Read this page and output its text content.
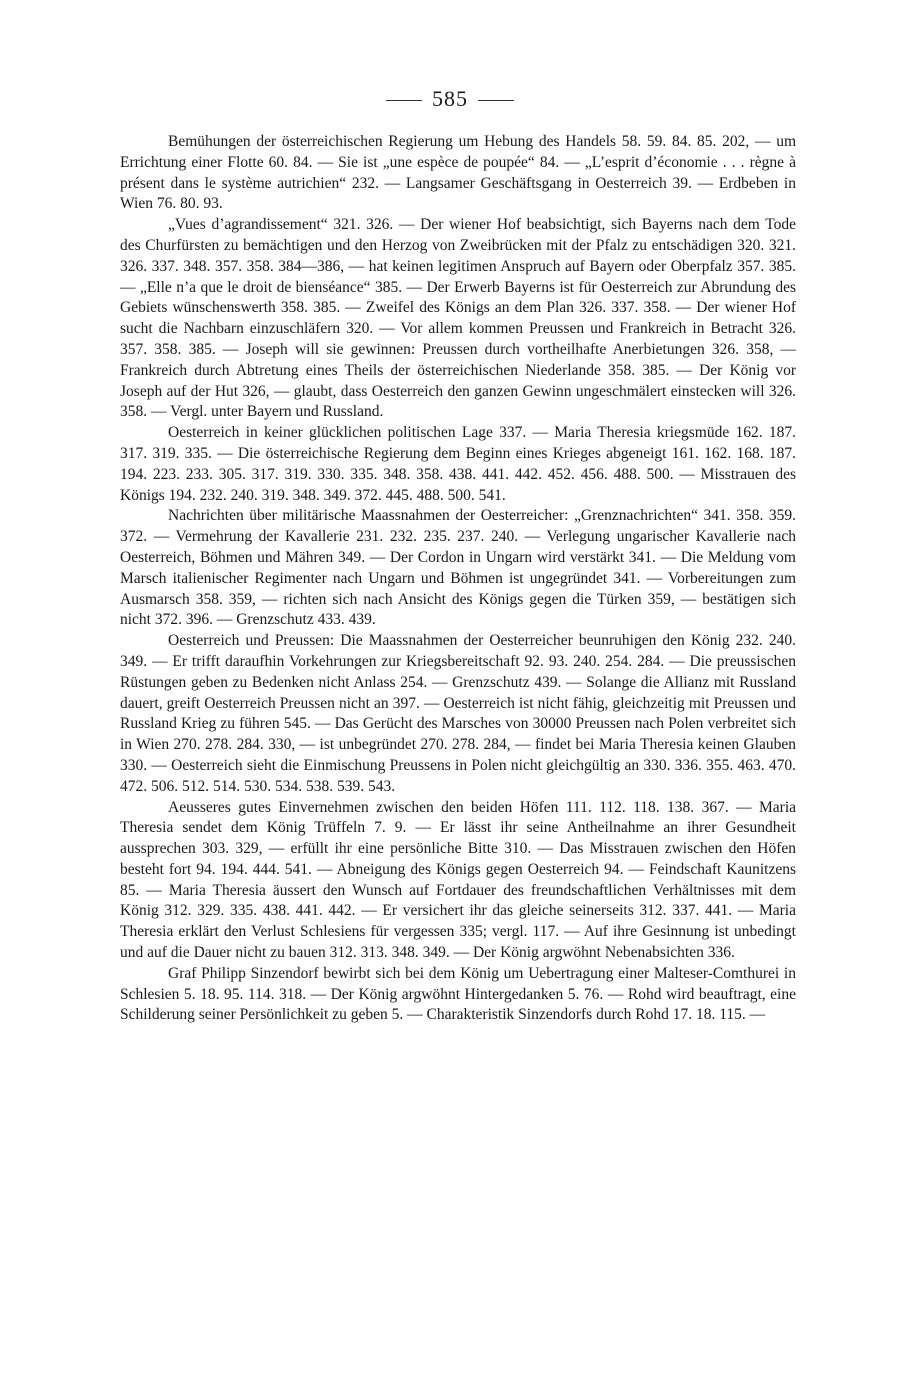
585

Bemühungen der österreichischen Regierung um Hebung des Handels 58. 59. 84. 85. 202, — um Errichtung einer Flotte 60. 84. — Sie ist „une espèce de poupée“ 84. — „L’esprit d’économie . . . règne à présent dans le système autrichien“ 232. — Langsamer Geschäftsgang in Oesterreich 39. — Erdbeben in Wien 76. 80. 93.

„Vues d’agrandissement“ 321. 326. — Der wiener Hof beabsichtigt, sich Bayerns nach dem Tode des Churfürsten zu bemächtigen und den Herzog von Zweibrücken mit der Pfalz zu entschädigen 320. 321. 326. 337. 348. 357. 358. 384—386, — hat keinen legitimen Anspruch auf Bayern oder Oberpfalz 357. 385. — „Elle n’a que le droit de bienséance“ 385. — Der Erwerb Bayerns ist für Oesterreich zur Abrundung des Gebiets wünschenswerth 358. 385. — Zweifel des Königs an dem Plan 326. 337. 358. — Der wiener Hof sucht die Nachbarn einzuschläfern 320. — Vor allem kommen Preussen und Frankreich in Betracht 326. 357. 358. 385. — Joseph will sie gewinnen: Preussen durch vortheilhafte Anerbietungen 326. 358, — Frankreich durch Abtretung eines Theils der österreichischen Niederlande 358. 385. — Der König vor Joseph auf der Hut 326, — glaubt, dass Oesterreich den ganzen Gewinn ungeschmälert einstecken will 326. 358. — Vergl. unter Bayern und Russland.

Oesterreich in keiner glücklichen politischen Lage 337. — Maria Theresia kriegsmüde 162. 187. 317. 319. 335. — Die österreichische Regierung dem Beginn eines Krieges abgeneigt 161. 162. 168. 187. 194. 223. 233. 305. 317. 319. 330. 335. 348. 358. 438. 441. 442. 452. 456. 488. 500. — Misstrauen des Königs 194. 232. 240. 319. 348. 349. 372. 445. 488. 500. 541.

Nachrichten über militärische Maassnahmen der Oesterreicher: „Grenznachrichten“ 341. 358. 359. 372. — Vermehrung der Kavallerie 231. 232. 235. 237. 240. — Verlegung ungarischer Kavallerie nach Oesterreich, Böhmen und Mähren 349. — Der Cordon in Ungarn wird verstärkt 341. — Die Meldung vom Marsch italienischer Regimenter nach Ungarn und Böhmen ist ungegründet 341. — Vorbereitungen zum Ausmarsch 358. 359, — richten sich nach Ansicht des Königs gegen die Türken 359, — bestätigen sich nicht 372. 396. — Grenzschutz 433. 439.

Oesterreich und Preussen: Die Maassnahmen der Oesterreicher beunruhigen den König 232. 240. 349. — Er trifft daraufhin Vorkehrungen zur Kriegsbereitschaft 92. 93. 240. 254. 284. — Die preussischen Rüstungen geben zu Bedenken nicht Anlass 254. — Grenzschutz 439. — Solange die Allianz mit Russland dauert, greift Oesterreich Preussen nicht an 397. — Oesterreich ist nicht fähig, gleichzeitig mit Preussen und Russland Krieg zu führen 545. — Das Gerücht des Marsches von 30000 Preussen nach Polen verbreitet sich in Wien 270. 278. 284. 330, — ist unbegründet 270. 278. 284, — findet bei Maria Theresia keinen Glauben 330. — Oesterreich sieht die Einmischung Preussens in Polen nicht gleichgültig an 330. 336. 355. 463. 470. 472. 506. 512. 514. 530. 534. 538. 539. 543.

Aeusseres gutes Einvernehmen zwischen den beiden Höfen 111. 112. 118. 138. 367. — Maria Theresia sendet dem König Trüffeln 7. 9. — Er lässt ihr seine Antheilnahme an ihrer Gesundheit aussprechen 303. 329, — erfüllt ihr eine persönliche Bitte 310. — Das Misstrauen zwischen den Höfen besteht fort 94. 194. 444. 541. — Abneigung des Königs gegen Oesterreich 94. — Feindschaft Kaunitzens 85. — Maria Theresia äussert den Wunsch auf Fortdauer des freundschaftlichen Verhältnisses mit dem König 312. 329. 335. 438. 441. 442. — Er versichert ihr das gleiche seinerseits 312. 337. 441. — Maria Theresia erklärt den Verlust Schlesiens für vergessen 335; vergl. 117. — Auf ihre Gesinnung ist unbedingt und auf die Dauer nicht zu bauen 312. 313. 348. 349. — Der König argwöhnt Nebenabsichten 336.

Graf Philipp Sinzendorf bewirbt sich bei dem König um Uebertragung einer Malteser-Comthurei in Schlesien 5. 18. 95. 114. 318. — Der König argwöhnt Hintergedanken 5. 76. — Rohd wird beauftragt, eine Schilderung seiner Persönlichkeit zu geben 5. — Charakteristik Sinzendorfs durch Rohd 17. 18. 115. —
